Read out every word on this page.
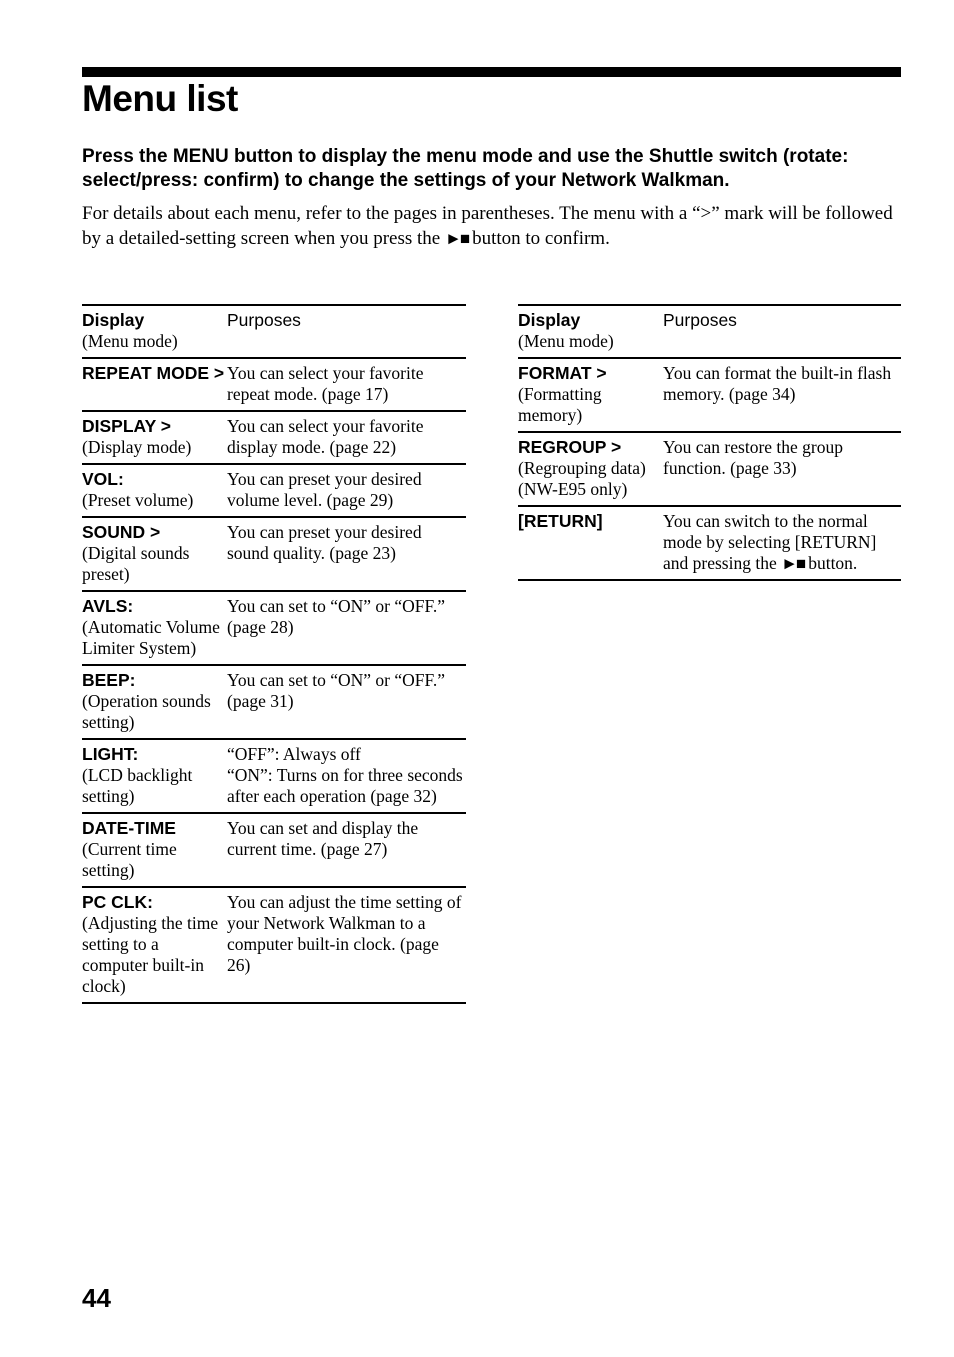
Menu list

Press the MENU button to display the menu mode and use the Shuttle switch (rotate: select/press: confirm) to change the settings of your Network Walkman.

For details about each menu, refer to the pages in parentheses. The menu with a “>” mark will be followed by a detailed-setting screen when you press the ►■ button to confirm.

Display
(Menu mode)	Purposes

REPEAT MODE >	You can select your favorite repeat mode. (page 17)

DISPLAY >
(Display mode)	You can select your favorite display mode. (page 22)

VOL:
(Preset volume)	You can preset your desired volume level. (page 29)

SOUND >
(Digital sounds preset)	You can preset your desired sound quality. (page 23)

AVLS:
(Automatic Volume Limiter System)	You can set to “ON” or “OFF.” (page 28)

BEEP:
(Operation sounds setting)	You can set to “ON” or “OFF.” (page 31)

LIGHT:
(LCD backlight setting)	“OFF”: Always off
“ON”: Turns on for three seconds after each operation (page 32)

DATE-TIME
(Current time setting)	You can set and display the current time. (page 27)

PC CLK:
(Adjusting the time setting to a computer built-in clock)	You can adjust the time setting of your Network Walkman to a computer built-in clock. (page 26)
Display
(Menu mode)	Purposes

FORMAT >
(Formatting memory)	You can format the built-in flash memory. (page 34)

REGROUP >
(Regrouping data)
(NW-E95 only)	You can restore the group function. (page 33)

[RETURN]	You can switch to the normal mode by selecting [RETURN] and pressing the ►■ button.
44
